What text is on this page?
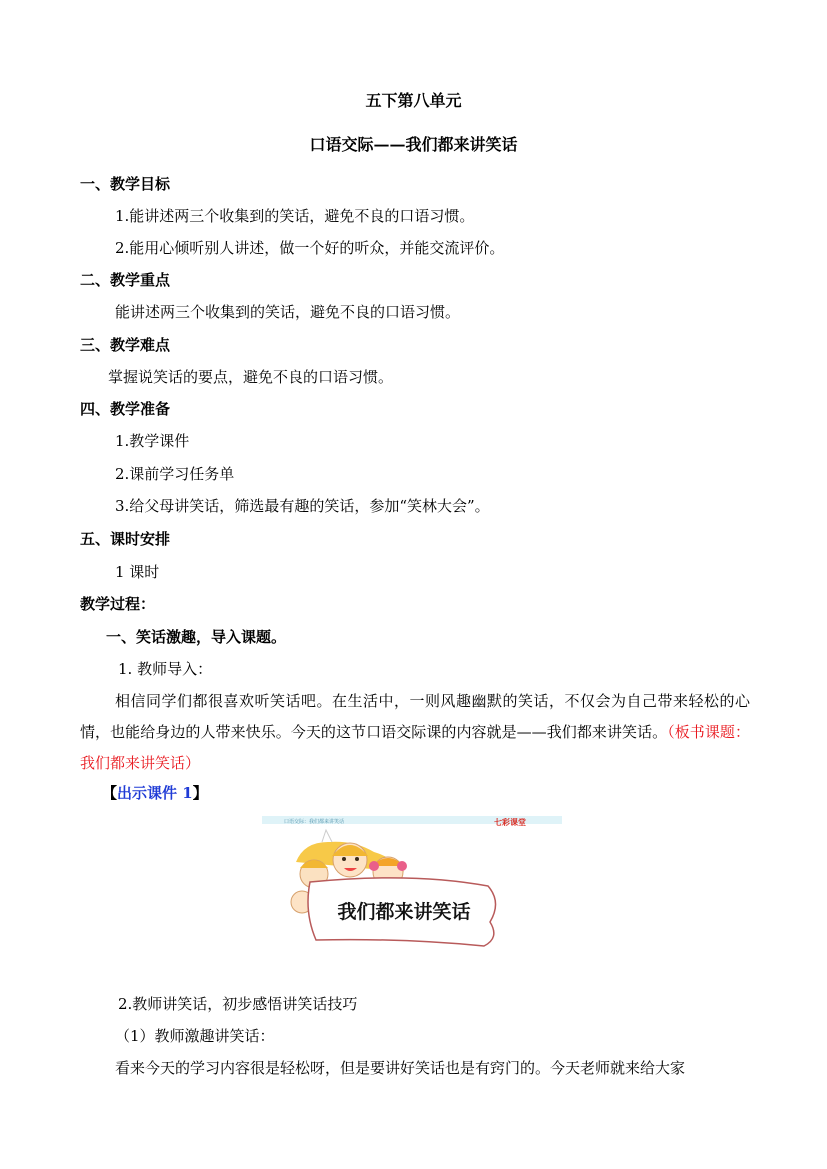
五下第八单元
口语交际——我们都来讲笑话
一、教学目标
1.能讲述两三个收集到的笑话，避免不良的口语习惯。
2.能用心倾听别人讲述，做一个好的听众，并能交流评价。
二、教学重点
能讲述两三个收集到的笑话，避免不良的口语习惯。
三、教学难点
掌握说笑话的要点，避免不良的口语习惯。
四、教学准备
1.教学课件
2.课前学习任务单
3.给父母讲笑话，筛选最有趣的笑话，参加“笑林大会”。
五、课时安排
1 课时
教学过程：
一、笑话激趣，导入课题。
1. 教师导入：
相信同学们都很喜欢听笑话吧。在生活中，一则风趣幽默的笑话，不仅会为自己带来轻松的心情，也能给身边的人带来快乐。今天的这节口语交际课的内容就是——我们都来讲笑话。（板书课题：我们都来讲笑话）
【出示课件 1】
口语交际：我们都来讲笑话	七彩课堂
我们都来讲笑话
2.教师讲笑话，初步感悟讲笑话技巧
（1）教师激趣讲笑话：
看来今天的学习内容很是轻松呀，但是要讲好笑话也是有窍门的。今天老师就来给大家
